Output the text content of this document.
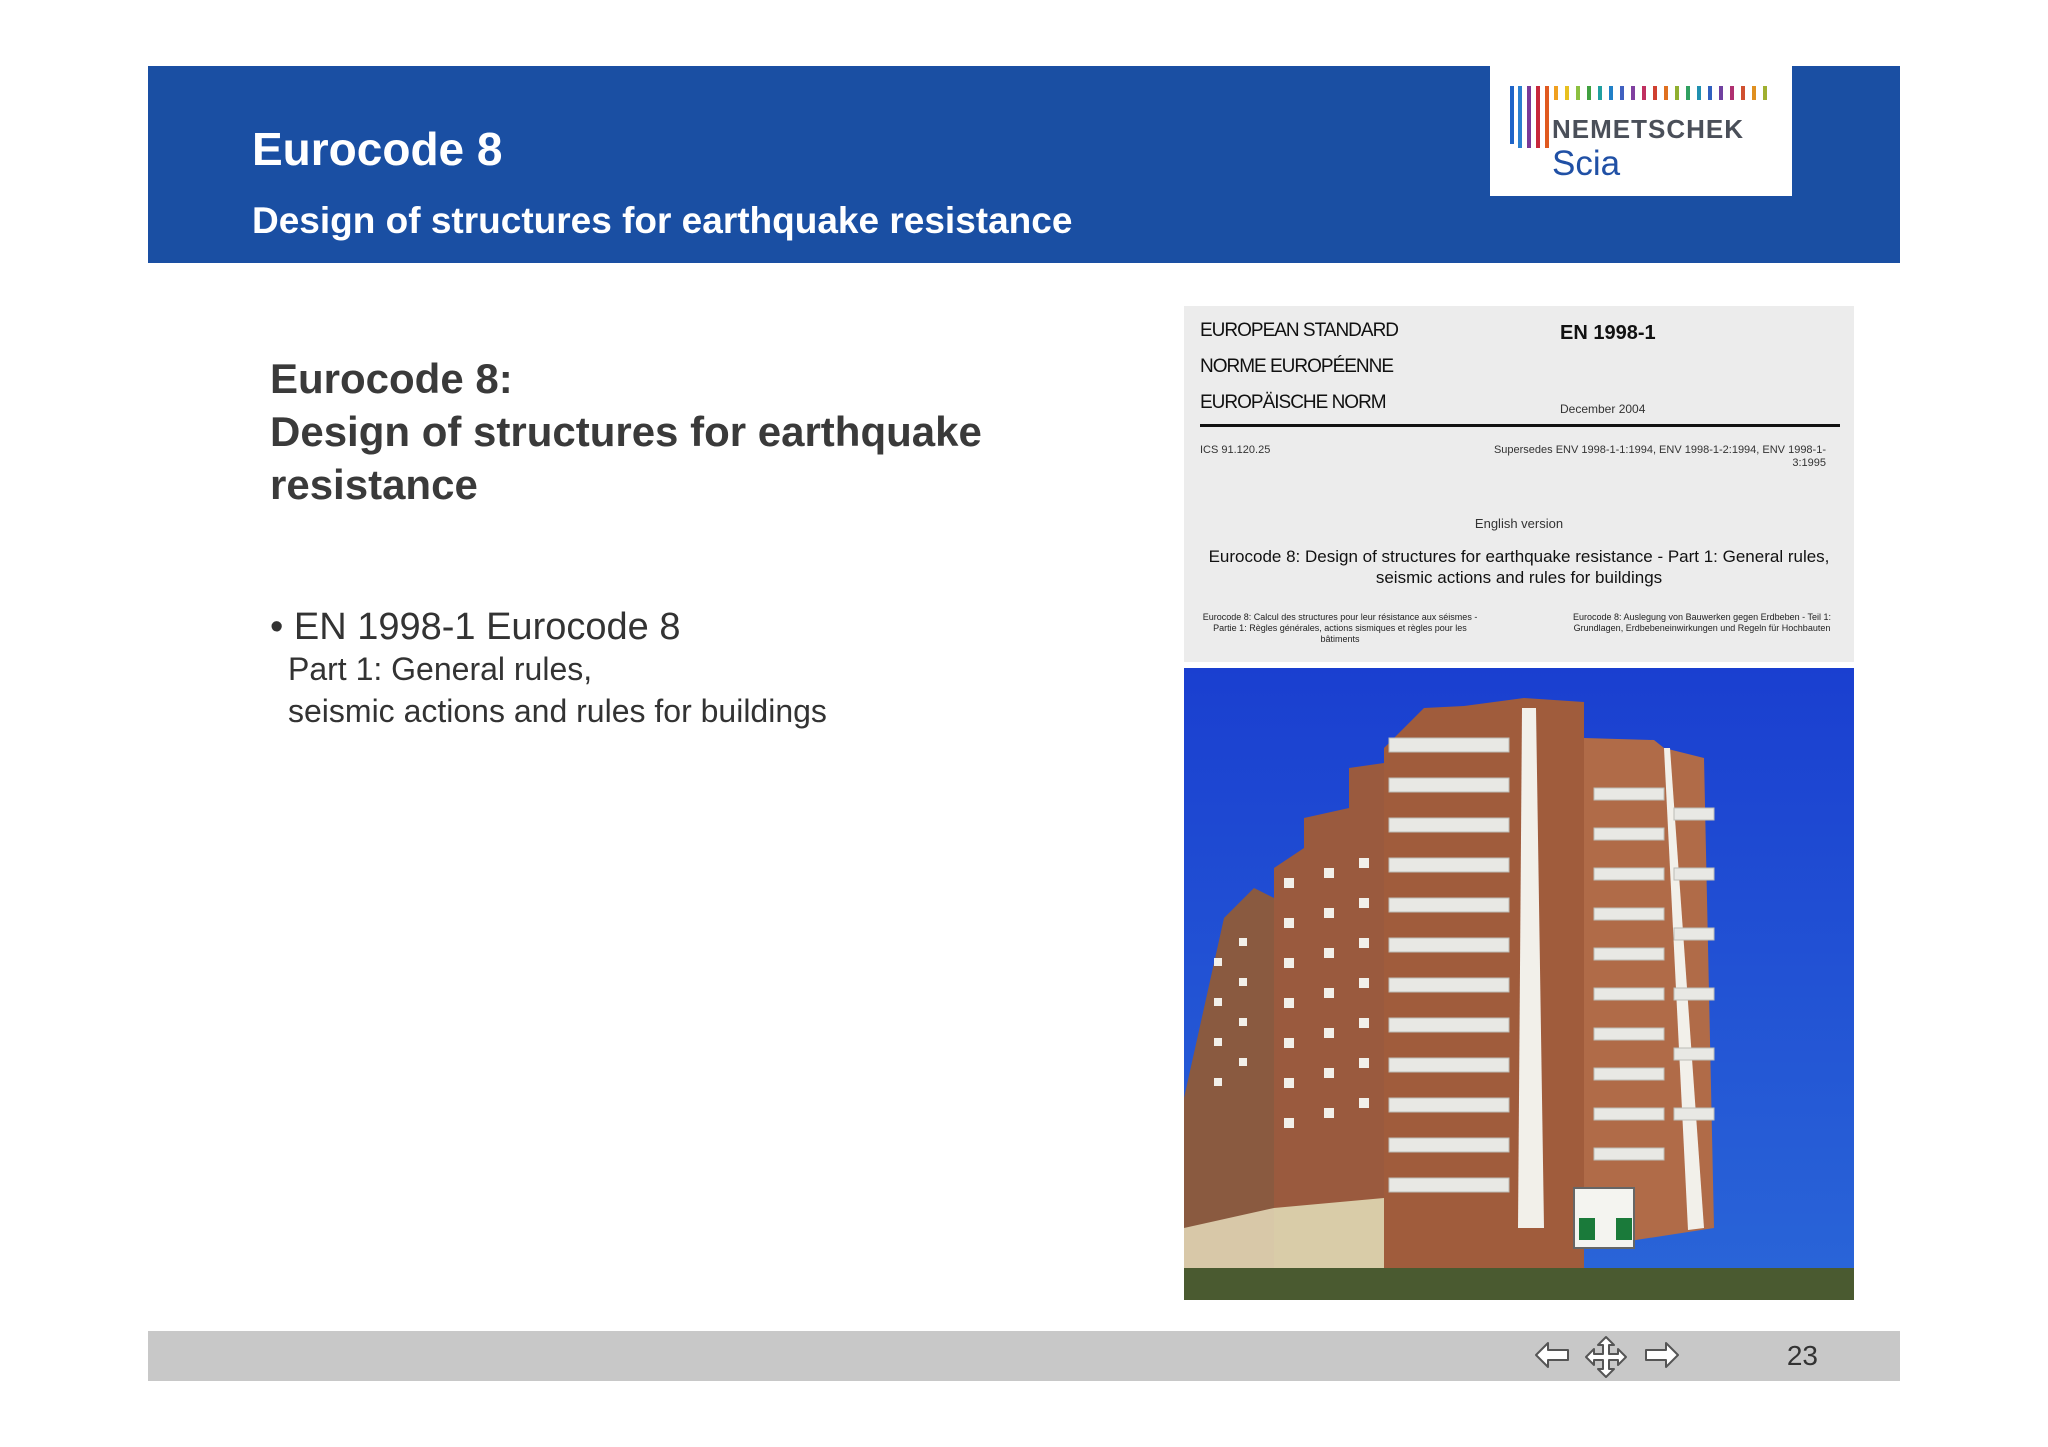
Eurocode 8
Design of structures for earthquake resistance
NEMETSCHEK
Scia
Eurocode 8:
Design of structures for earthquake
resistance
• EN 1998-1 Eurocode 8
Part 1: General rules,
seismic actions and rules for buildings
EUROPEAN STANDARD
NORME EUROPÉENNE
EUROPÄISCHE NORM
EN 1998-1
December 2004
ICS 91.120.25	Supersedes ENV 1998-1-1:1994, ENV 1998-1-2:1994, ENV 1998-1-3:1995
English version
Eurocode 8: Design of structures for earthquake resistance - Part 1: General rules, seismic actions and rules for buildings
Eurocode 8: Calcul des structures pour leur résistance aux séismes - Partie 1: Règles générales, actions sismiques et règles pour les bâtiments
Eurocode 8: Auslegung von Bauwerken gegen Erdbeben - Teil 1: Grundlagen, Erdbebeneinwirkungen und Regeln für Hochbauten
23
